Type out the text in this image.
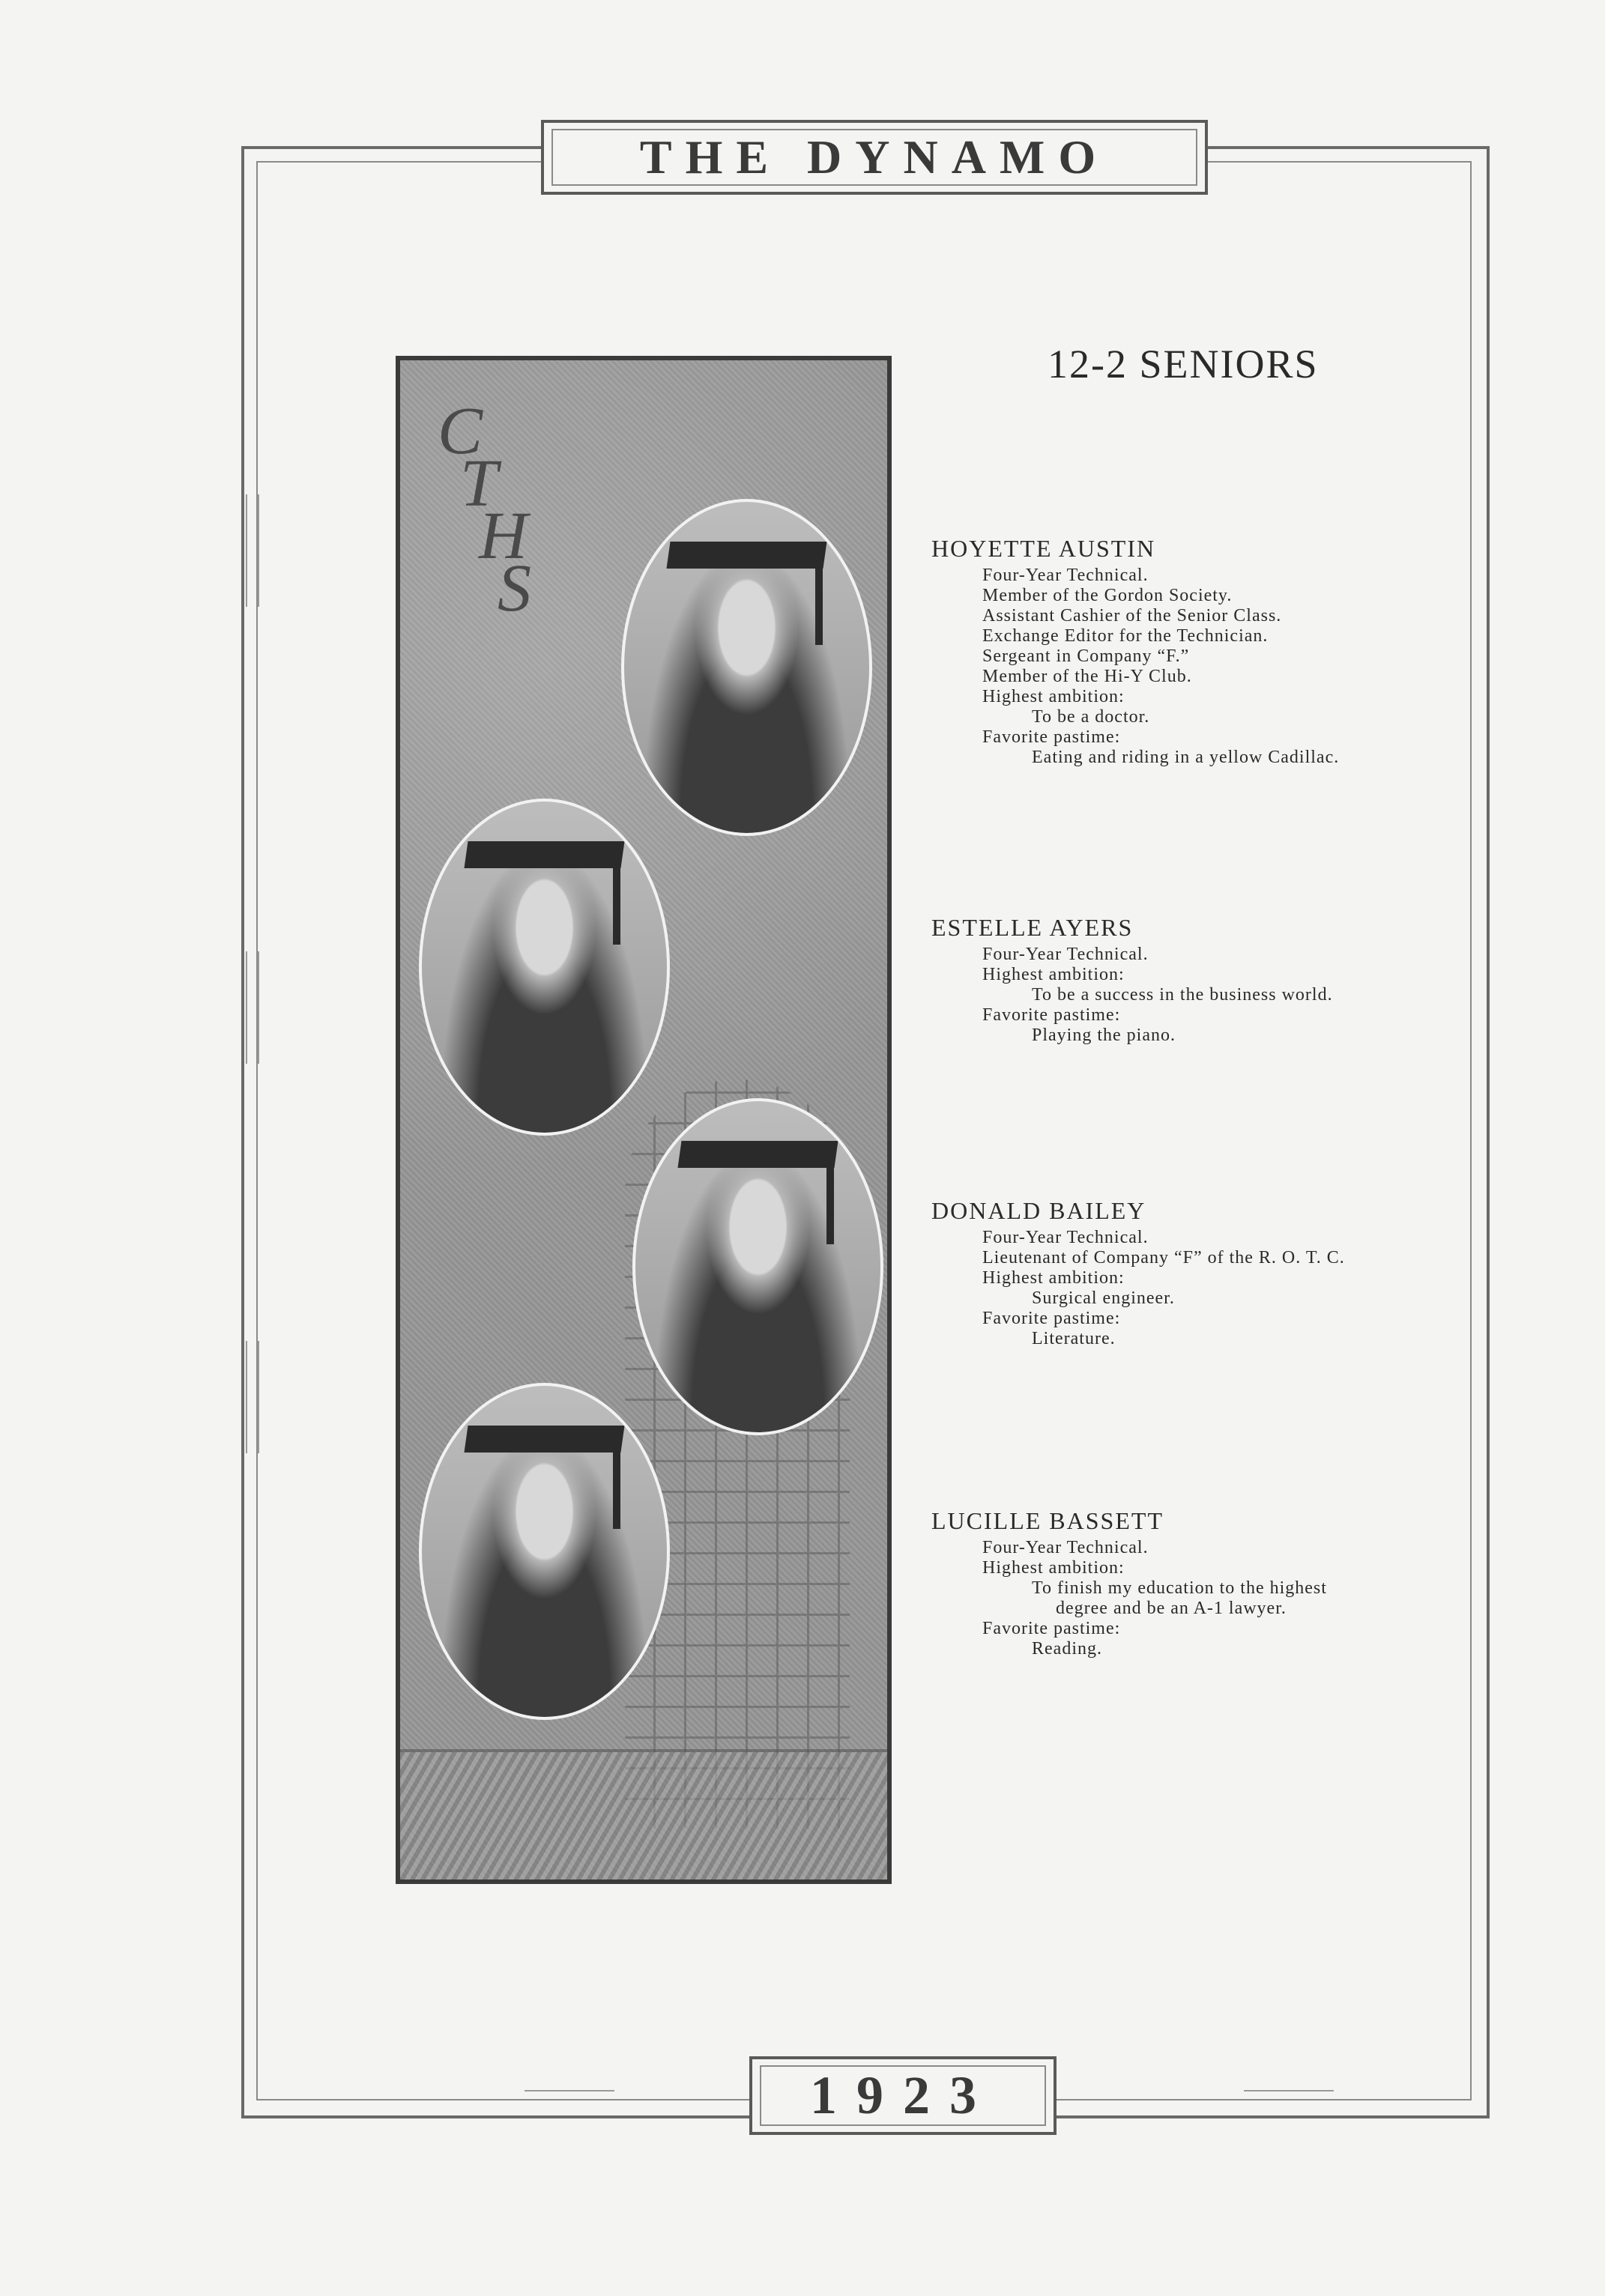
THE DYNAMO
C
T
H
S
12-2 SENIORS
HOYETTE AUSTIN
Four-Year Technical.
Member of the Gordon Society.
Assistant Cashier of the Senior Class.
Exchange Editor for the Technician.
Sergeant in Company “F.”
Member of the Hi-Y Club.
Highest ambition:
To be a doctor.
Favorite pastime:
Eating and riding in a yellow Cadillac.
ESTELLE AYERS
Four-Year Technical.
Highest ambition:
To be a success in the business world.
Favorite pastime:
Playing the piano.
DONALD BAILEY
Four-Year Technical.
Lieutenant of Company “F” of the R. O. T. C.
Highest ambition:
Surgical engineer.
Favorite pastime:
Literature.
LUCILLE BASSETT
Four-Year Technical.
Highest ambition:
To finish my education to the highest
degree and be an A-1 lawyer.
Favorite pastime:
Reading.
1923
